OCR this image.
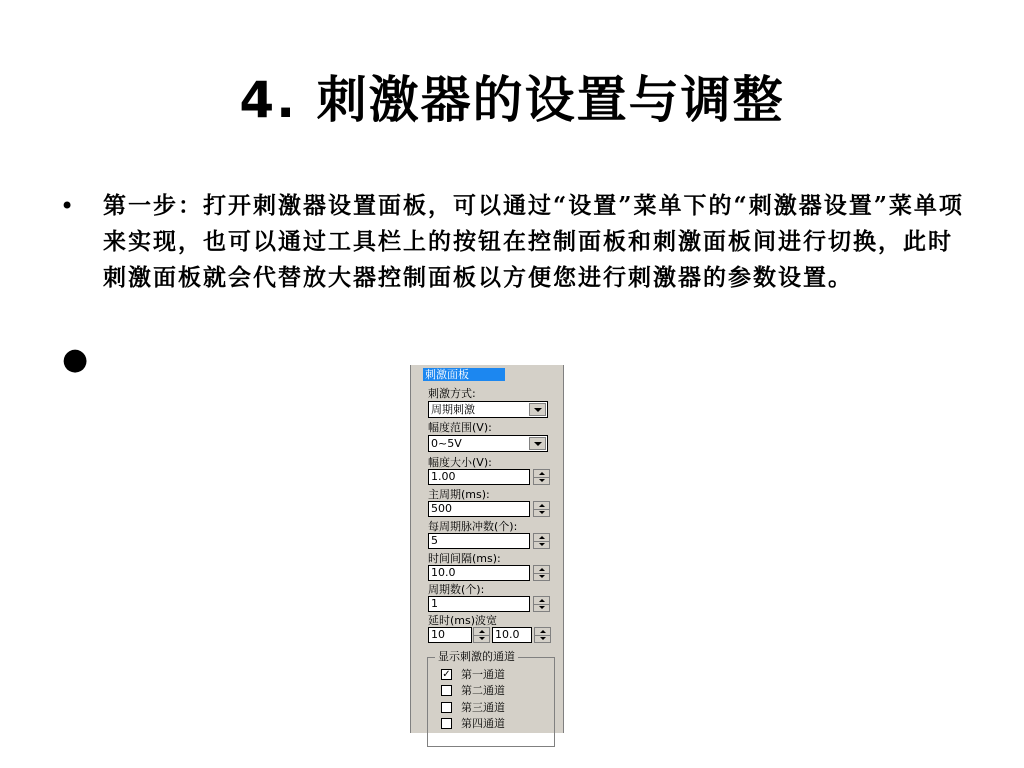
4. 刺激器的设置与调整
• 第一步：打开刺激器设置面板，可以通过“设置”菜单下的“刺激器设置”菜单项来实现，也可以通过工具栏上的按钮在控制面板和刺激面板间进行切换，此时刺激面板就会代替放大器控制面板以方便您进行刺激器的参数设置。
●	刺激面板
刺激方式:
周期刺激
幅度范围(V):
0~5V
幅度大小(V):
1.00
主周期(ms):
500
每周期脉冲数(个):
5
时间间隔(ms):
10.0
周期数(个):
1
延时(ms)波宽
10	10.0
显示刺激的通道
✓ 第一通道
第二通道
第三通道
第四通道
